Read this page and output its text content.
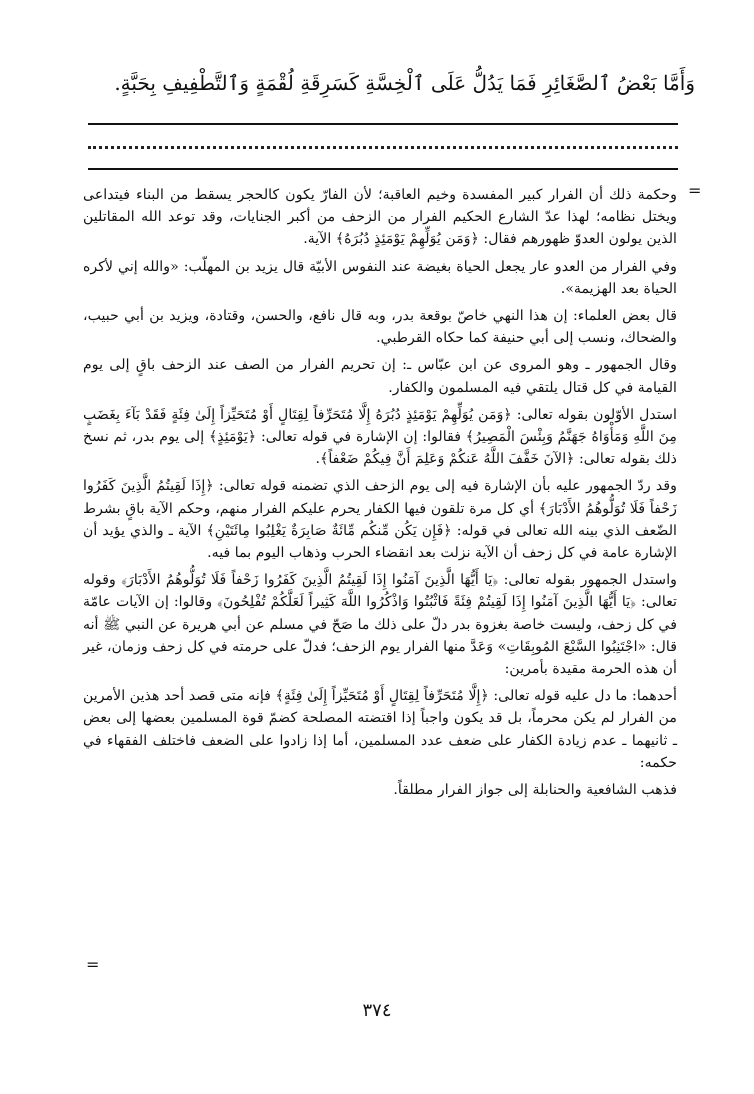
وَأَمَّا بَعْضُ ٱلصَّغَائِرِ فَمَا يَدُلُّ عَلَى ٱلْخِسَّةِ كَسَرِقَةِ لُقْمَةٍ وَٱلتَّطْفِيفِ بِحَبَّةٍ.
=

وحكمة ذلك أن الفرار كبير المفسدة وخيم العاقبة؛ لأن الفارّ يكون كالحجر يسقط من البناء فيتداعى ويختل نظامه؛ لهذا عدّ الشارع الحكيم الفرار من الزحف من أكبر الجنايات، وقد توعد الله المقاتلين الذين يولون العدوّ ظهورهم فقال: ﴿وَمَن يُوَلِّهِمْ يَوْمَئِذٍ دُبُرَهُ﴾ الآية.

وفي الفرار من العدو عار يجعل الحياة بغيضة عند النفوس الأبيّة قال يزيد بن المهلّب: «والله إني لأكره الحياة بعد الهزيمة».

قال بعض العلماء: إن هذا النهي خاصّ بوقعة بدر، وبه قال نافع، والحسن، وقتادة، ويزيد بن أبي حبيب، والضحاك، ونسب إلى أبي حنيفة كما حكاه القرطبي.

وقال الجمهور ـ وهو المروى عن ابن عبّاس ـ: إن تحريم الفرار من الصف عند الزحف باقٍ إلى يوم القيامة في كل قتال يلتقي فيه المسلمون والكفار.

استدل الأوّلون بقوله تعالى: ﴿وَمَن يُوَلِّهِمْ يَوْمَئِذٍ دُبُرَهُ إِلَّا مُتَحَرِّفاً لِقِتَالٍ أَوْ مُتَحَيِّزاً إِلَىٰ فِئَةٍ فَقَدْ بَآءَ بِغَضَبٍ مِنَ اللَّهِ وَمَأْوَاهُ جَهَنَّمُ وَبِئْسَ الْمَصِيرُ﴾ فقالوا: إن الإشارة في قوله تعالى: ﴿يَوْمَئِذٍ﴾ إلى يوم بدر، ثم نسخ ذلك بقوله تعالى: ﴿الآنَ خَفَّفَ اللَّهُ عَنكُمْ وَعَلِمَ أَنَّ فِيكُمْ ضَعْفاً﴾.

وقد ردّ الجمهور عليه بأن الإشارة فيه إلى يوم الزحف الذي تضمنه قوله تعالى: ﴿إِذَا لَقِيتُمُ الَّذِينَ كَفَرُوا زَحْفاً فَلَا تُوَلُّوهُمُ الأَدْبَارَ﴾ أي كل مرة تلقون فيها الكفار يحرم عليكم الفرار منهم، وحكم الآية باقٍ بشرط الضّعف الذي بينه الله تعالى في قوله: ﴿فَإِن يَكُن مِّنكُم مِّائَةٌ صَابِرَةٌ يَغْلِبُوا مِائَتَيْنِ﴾ الآية ـ والذي يؤيد أن الإشارة عامة في كل زحف أن الآية نزلت بعد انقضاء الحرب وذهاب اليوم بما فيه.

واستدل الجمهور بقوله تعالى: ﴿يَا أَيُّهَا الَّذِينَ آمَنُوا إِذَا لَقِيتُمُ الَّذِينَ كَفَرُوا زَحْفاً فَلَا تُوَلُّوهُمُ الأَدْبَارَ﴾ وقوله تعالى: ﴿يَا أَيُّهَا الَّذِينَ آمَنُوا إِذَا لَقِيتُمْ فِئَةً فَاثْبُتُوا وَاذْكُرُوا اللَّهَ كَثِيراً لَعَلَّكُمْ تُفْلِحُونَ﴾ وقالوا: إن الآيات عامّة في كل زحف، وليست خاصة بغزوة بدر دلّ على ذلك ما صَحّ في مسلم عن أبي هريرة عن النبي ﷺ أنه قال: «اجْتَنِبُوا السَّبْعَ المُوبِقَاتِ» وَعَدَّ منها الفرار يوم الزحف؛ فدلّ على حرمته في كل زحف وزمان، غير أن هذه الحرمة مقيدة بأمرين:

أحدهما: ما دل عليه قوله تعالى: ﴿إِلَّا مُتَحَرِّفاً لِقِتَالٍ أَوْ مُتَحَيِّزاً إِلَىٰ فِئَةٍ﴾ فإنه متى قصد أحد هذين الأمرين من الفرار لم يكن محرماً، بل قد يكون واجباً إذا اقتضته المصلحة كضمّ قوة المسلمين بعضها إلى بعض ـ ثانيهما ـ عدم زيادة الكفار على ضعف عدد المسلمين، أما إذا زادوا على الضعف فاختلف الفقهاء في حكمه:

فذهب الشافعية والحنابلة إلى جواز الفرار مطلقاً.

=
٣٧٤
